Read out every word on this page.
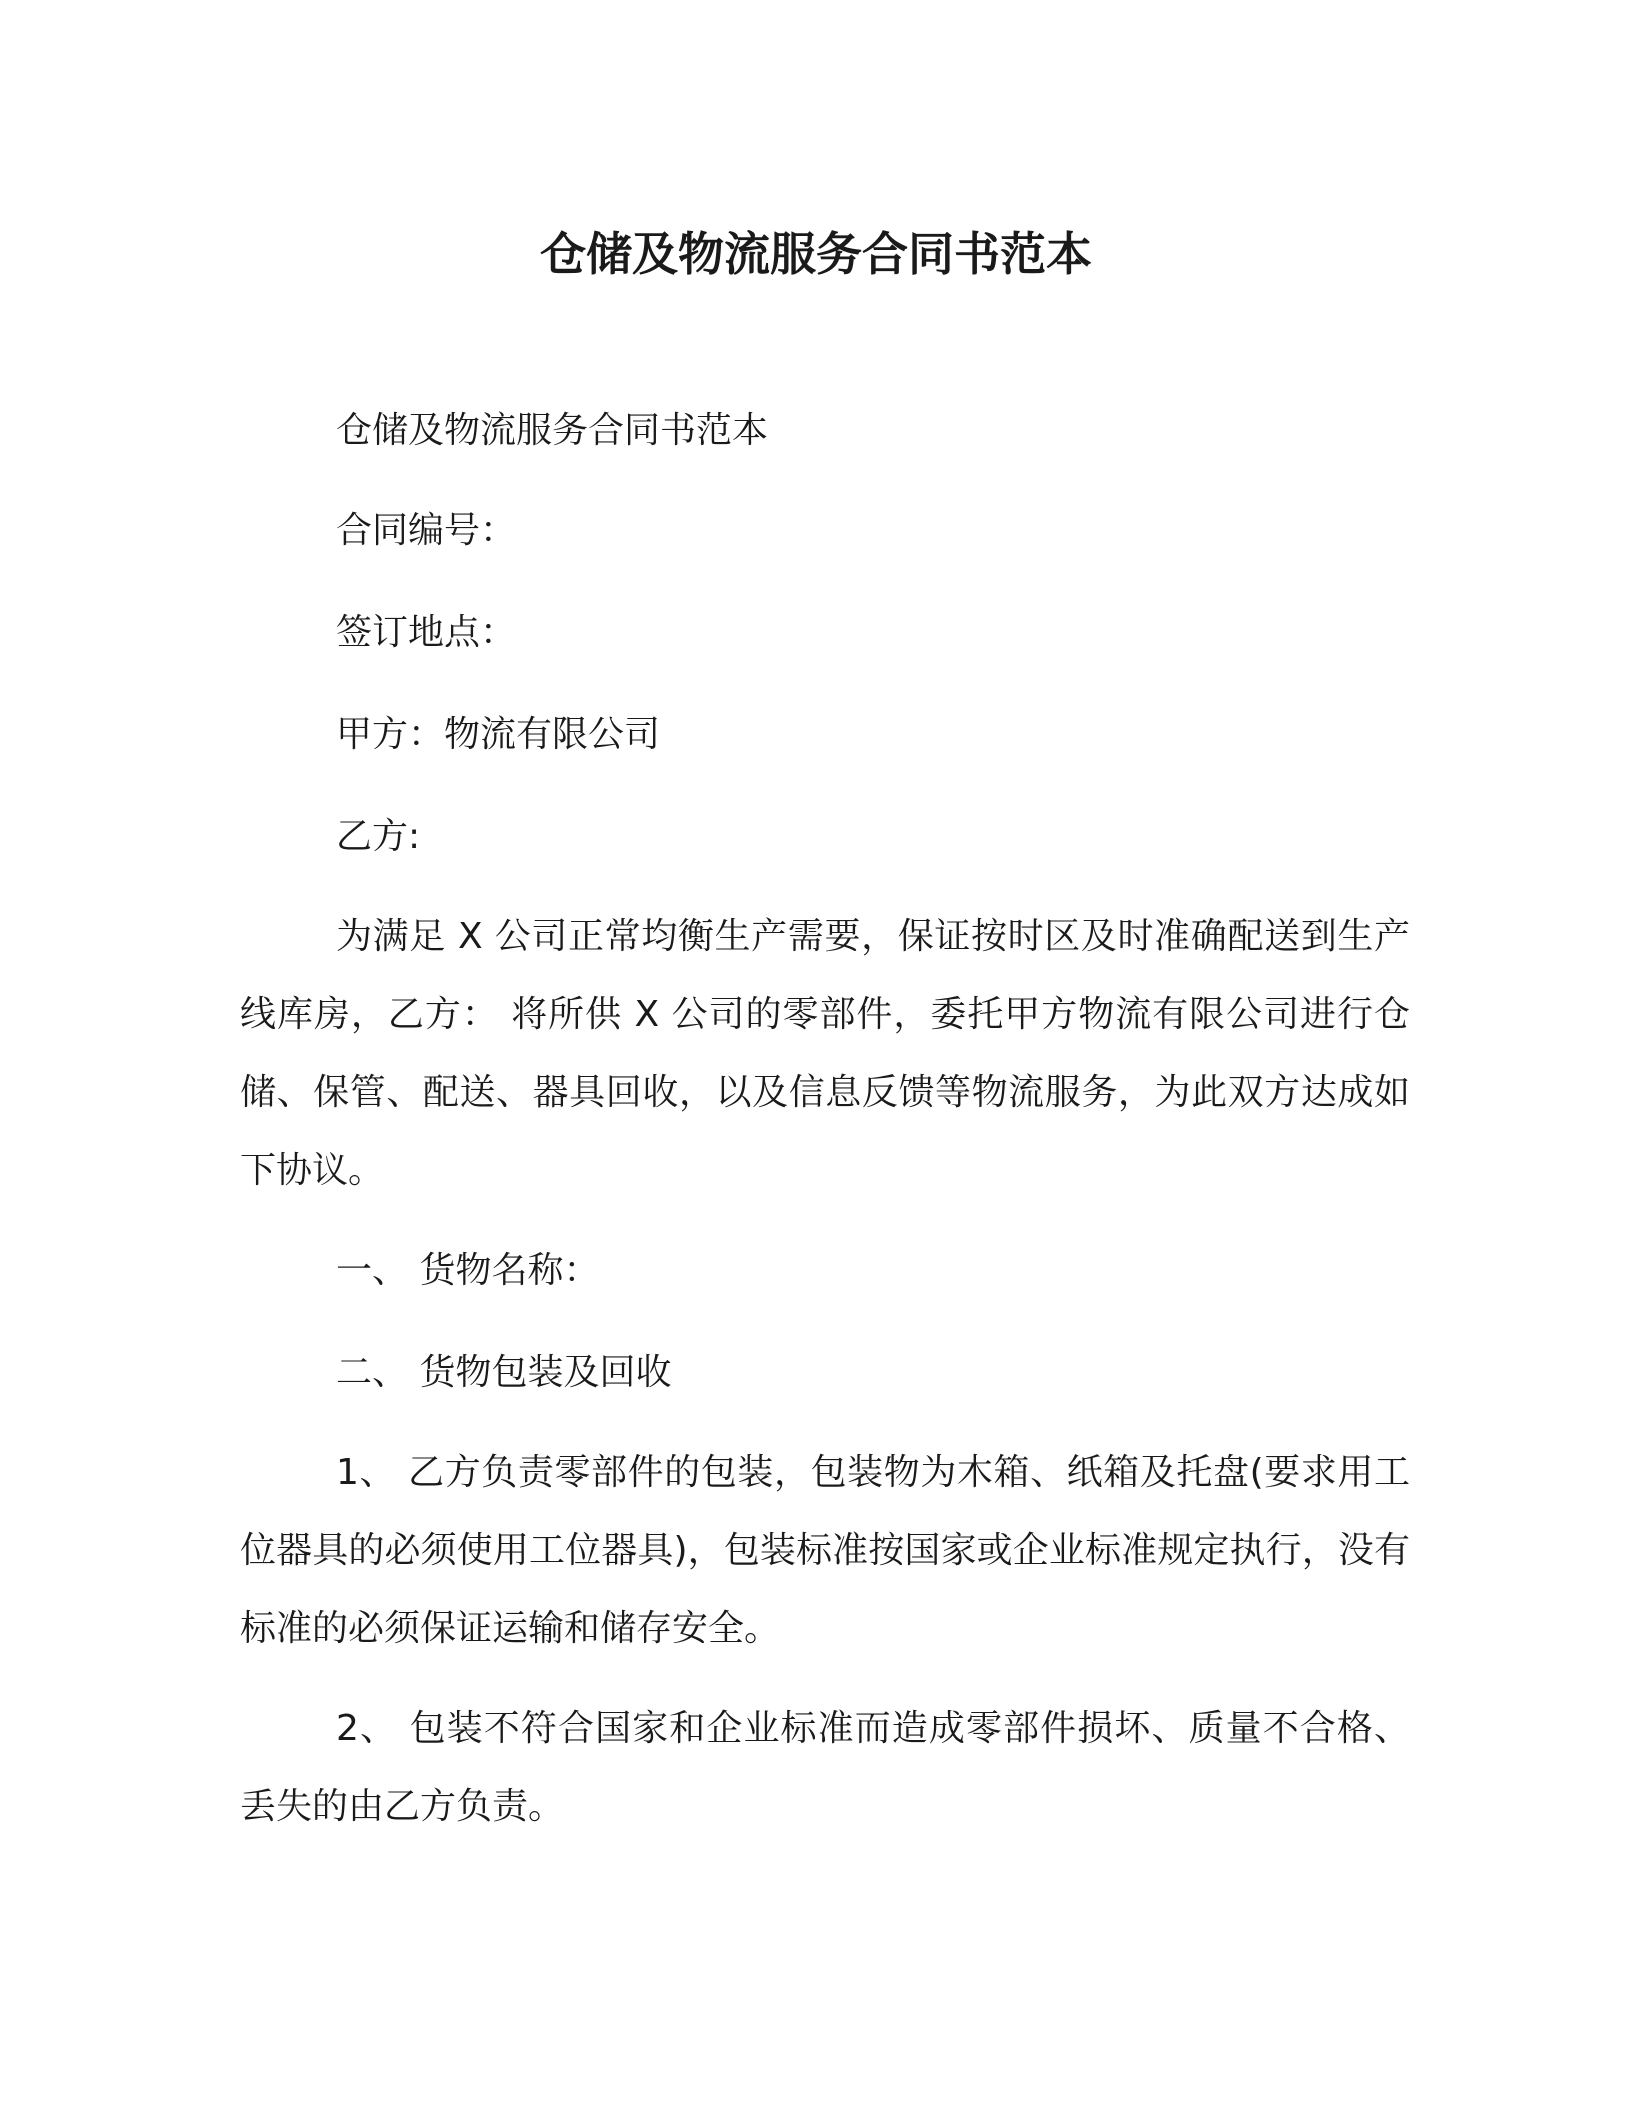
仓储及物流服务合同书范本

仓储及物流服务合同书范本

合同编号：

签订地点：

甲方：物流有限公司

乙方:

为满足 X 公司正常均衡生产需要，保证按时区及时准确配送到生产线库房，乙方： 将所供 X 公司的零部件，委托甲方物流有限公司进行仓储、保管、配送、器具回收，以及信息反馈等物流服务，为此双方达成如下协议。

一、 货物名称：

二、 货物包装及回收

1、 乙方负责零部件的包装，包装物为木箱、纸箱及托盘(要求用工位器具的必须使用工位器具)，包装标准按国家或企业标准规定执行，没有标准的必须保证运输和储存安全。

2、 包装不符合国家和企业标准而造成零部件损坏、质量不合格、丢失的由乙方负责。
